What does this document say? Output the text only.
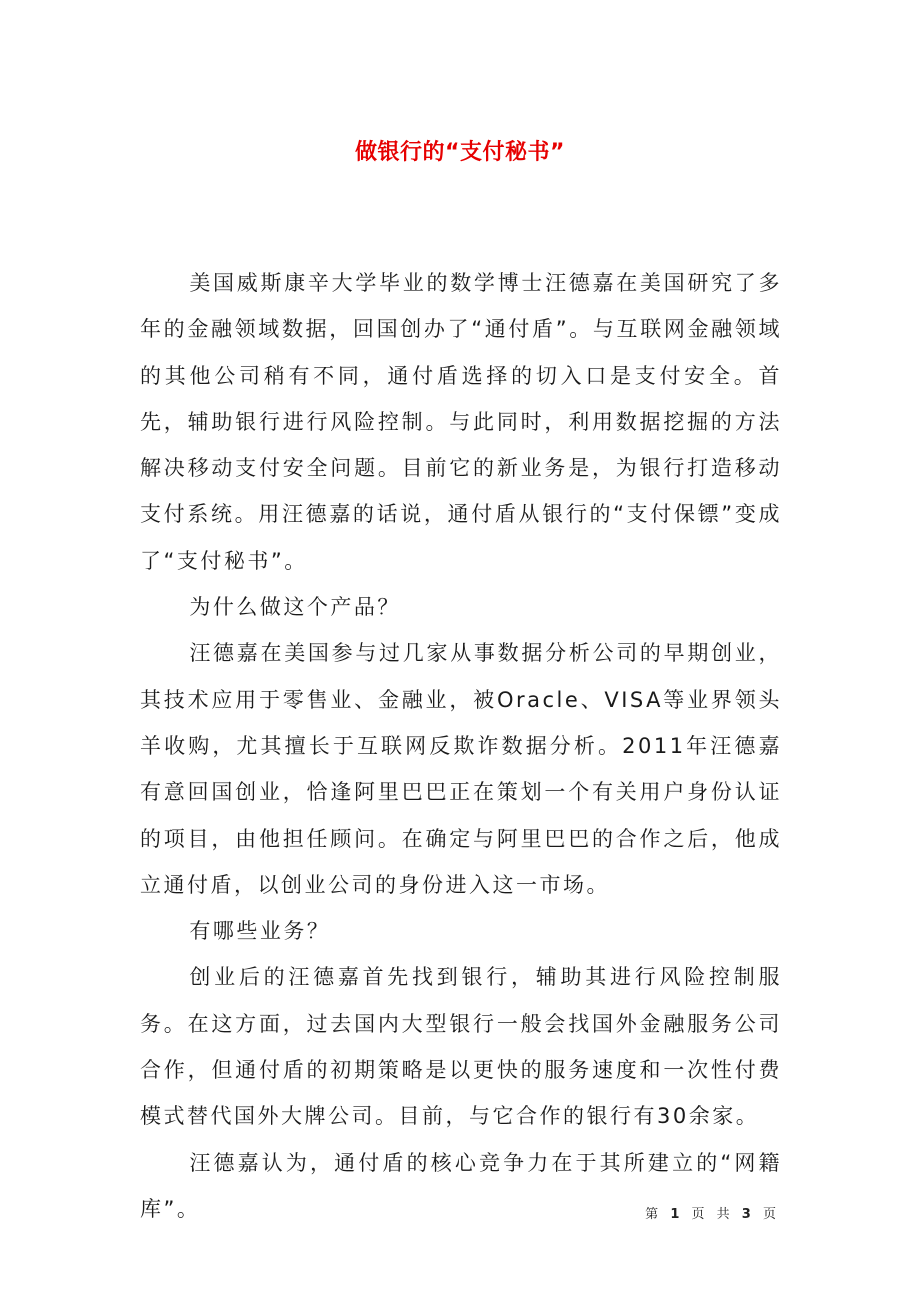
做银行的“支付秘书”

美国威斯康辛大学毕业的数学博士汪德嘉在美国研究了多年的金融领域数据，回国创办了“通付盾”。与互联网金融领域的其他公司稍有不同，通付盾选择的切入口是支付安全。首先，辅助银行进行风险控制。与此同时，利用数据挖掘的方法解决移动支付安全问题。目前它的新业务是，为银行打造移动支付系统。用汪德嘉的话说，通付盾从银行的“支付保镖”变成了“支付秘书”。

为什么做这个产品？

汪德嘉在美国参与过几家从事数据分析公司的早期创业，其技术应用于零售业、金融业，被Oracle、VISA等业界领头羊收购，尤其擅长于互联网反欺诈数据分析。2011年汪德嘉有意回国创业，恰逢阿里巴巴正在策划一个有关用户身份认证的项目，由他担任顾问。在确定与阿里巴巴的合作之后，他成立通付盾，以创业公司的身份进入这一市场。

有哪些业务？

创业后的汪德嘉首先找到银行，辅助其进行风险控制服务。在这方面，过去国内大型银行一般会找国外金融服务公司合作，但通付盾的初期策略是以更快的服务速度和一次性付费模式替代国外大牌公司。目前，与它合作的银行有30余家。

汪德嘉认为，通付盾的核心竞争力在于其所建立的“网籍库”。	第 1 页 共 3 页
